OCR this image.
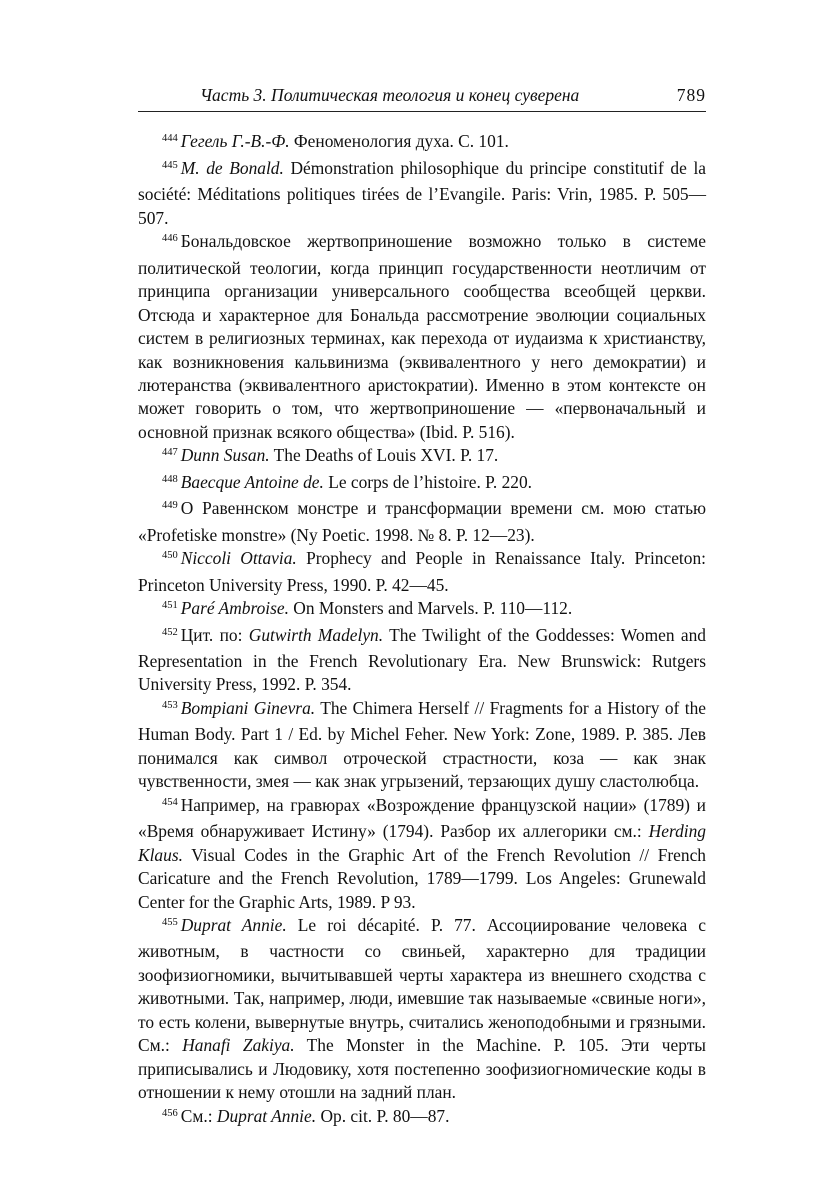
Часть 3. Политическая теология и конец суверена	789

$^{444}$ Гегель Г.-В.-Ф. Феноменология духа. С. 101.

$^{445}$ M. de Bonald. Démonstration philosophique du principe constitutif de la société: Méditations politiques tirées de l’Evangile. Paris: Vrin, 1985. P. 505—507.

$^{446}$ Бональдовское жертвоприношение возможно только в системе политической теологии, когда принцип государственности неотличим от принципа организации универсального сообщества всеобщей церкви. Отсюда и характерное для Бональда рассмотрение эволюции социальных систем в религиозных терминах, как перехода от иудаизма к христианству, как возникновения кальвинизма (эквивалентного у него демократии) и лютеранства (эквивалентного аристократии). Именно в этом контексте он может говорить о том, что жертвоприношение — «первоначальный и основной признак всякого общества» (Ibid. P. 516).

$^{447}$ Dunn Susan. The Deaths of Louis XVI. P. 17.

$^{448}$ Baecque Antoine de. Le corps de l’histoire. P. 220.

$^{449}$ О Равеннском монстре и трансформации времени см. мою статью «Profetiske monstre» (Ny Poetic. 1998. № 8. P. 12—23).

$^{450}$ Niccoli Ottavia. Prophecy and People in Renaissance Italy. Princeton: Princeton University Press, 1990. P. 42—45.

$^{451}$ Paré Ambroise. On Monsters and Marvels. P. 110—112.

$^{452}$ Цит. по: Gutwirth Madelyn. The Twilight of the Goddesses: Women and Representation in the French Revolutionary Era. New Brunswick: Rutgers University Press, 1992. P. 354.

$^{453}$ Bompiani Ginevra. The Chimera Herself // Fragments for a History of the Human Body. Part 1 / Ed. by Michel Feher. New York: Zone, 1989. P. 385. Лев понимался как символ отроческой страстности, коза — как знак чувственности, змея — как знак угрызений, терзающих душу сластолюбца.

$^{454}$ Например, на гравюрах «Возрождение французской нации» (1789) и «Время обнаруживает Истину» (1794). Разбор их аллегорики см.: Herding Klaus. Visual Codes in the Graphic Art of the French Revolution // French Caricature and the French Revolution, 1789—1799. Los Angeles: Grunewald Center for the Graphic Arts, 1989. P 93.

$^{455}$ Duprat Annie. Le roi décapité. P. 77. Ассоциирование человека с животным, в частности со свиньей, характерно для традиции зоофизиогномики, вычитывавшей черты характера из внешнего сходства с животными. Так, например, люди, имевшие так называемые «свиные ноги», то есть колени, вывернутые внутрь, считались женоподобными и грязными. См.: Hanafi Zakiya. The Monster in the Machine. P. 105. Эти черты приписывались и Людовику, хотя постепенно зоофизиогномические коды в отношении к нему отошли на задний план.

$^{456}$ См.: Duprat Annie. Op. cit. P. 80—87.
